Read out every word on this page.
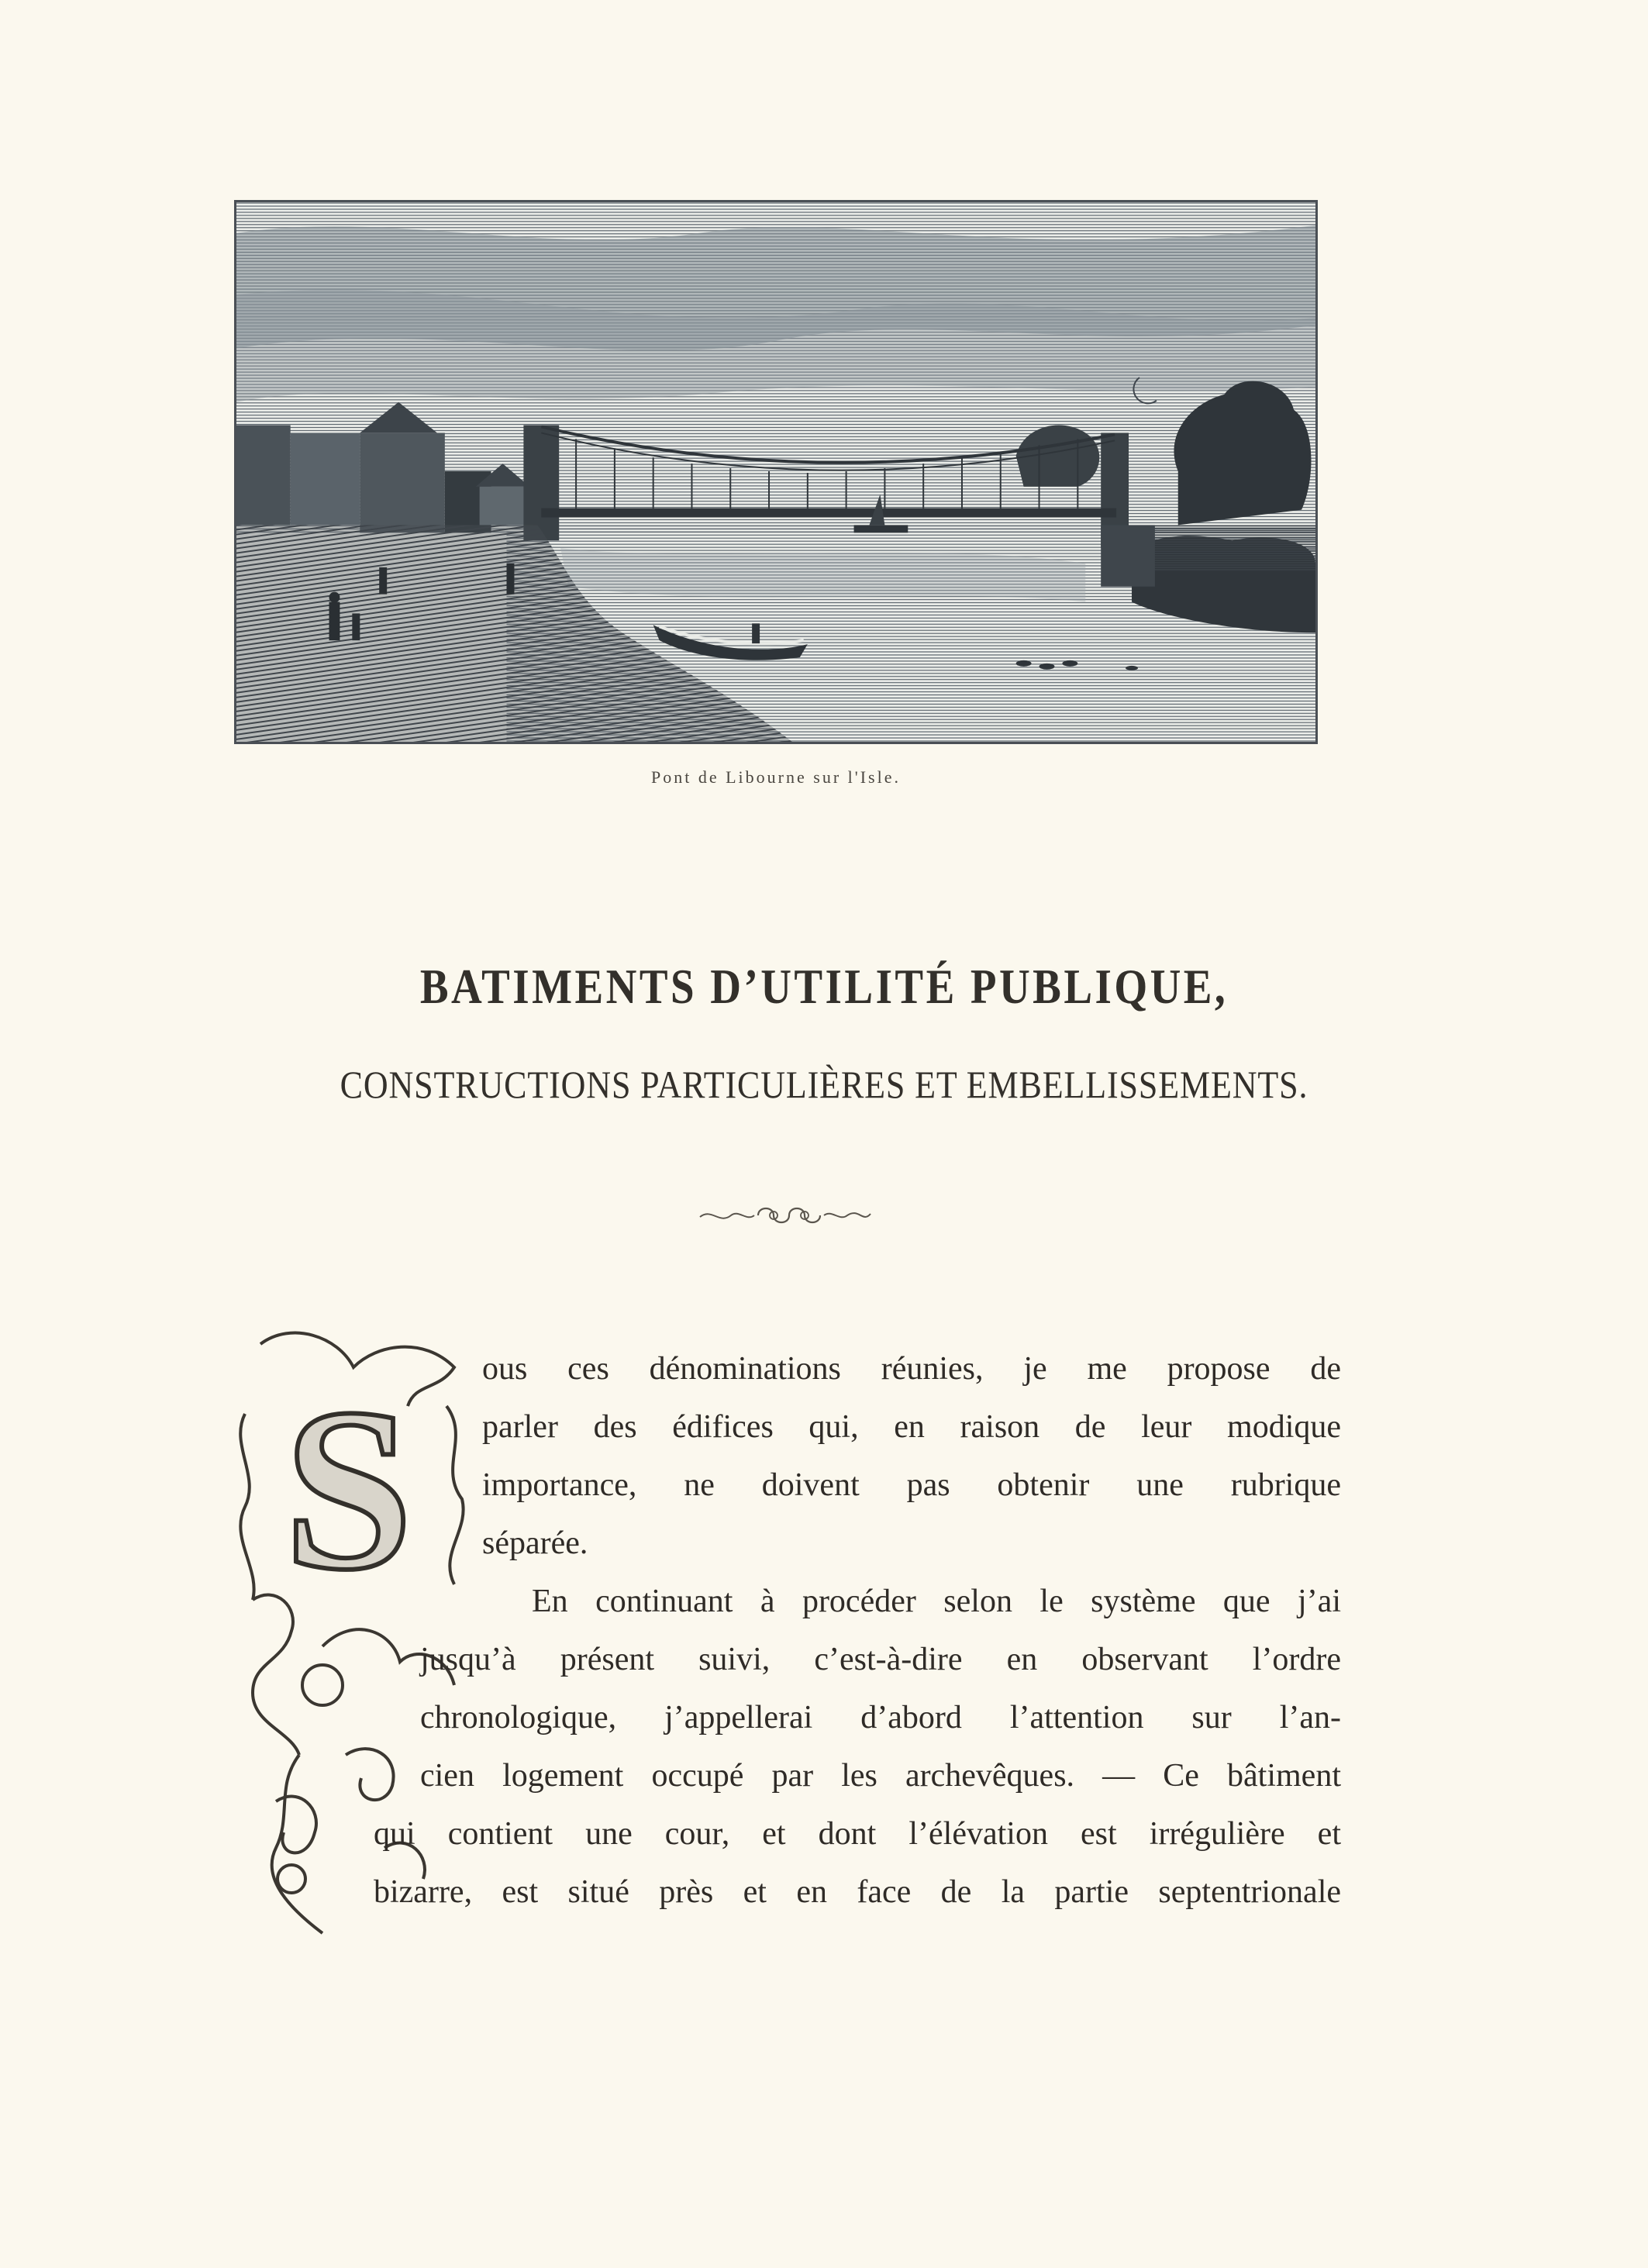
Pont de Libourne sur l'Isle.
BATIMENTS D’UTILITÉ PUBLIQUE,
CONSTRUCTIONS PARTICULIÈRES ET EMBELLISSEMENTS.
S ous ces dénominations réunies, je me propose de
parler des édifices qui, en raison de leur modique
importance, ne doivent pas obtenir une rubrique
séparée.
En continuant à procéder selon le système que j’ai
jusqu’à présent suivi, c’est-à-dire en observant l’ordre
chronologique, j’appellerai d’abord l’attention sur l’an-
cien logement occupé par les archevêques. — Ce bâtiment
qui contient une cour, et dont l’élévation est irrégulière et
bizarre, est situé près et en face de la partie septentrionale
